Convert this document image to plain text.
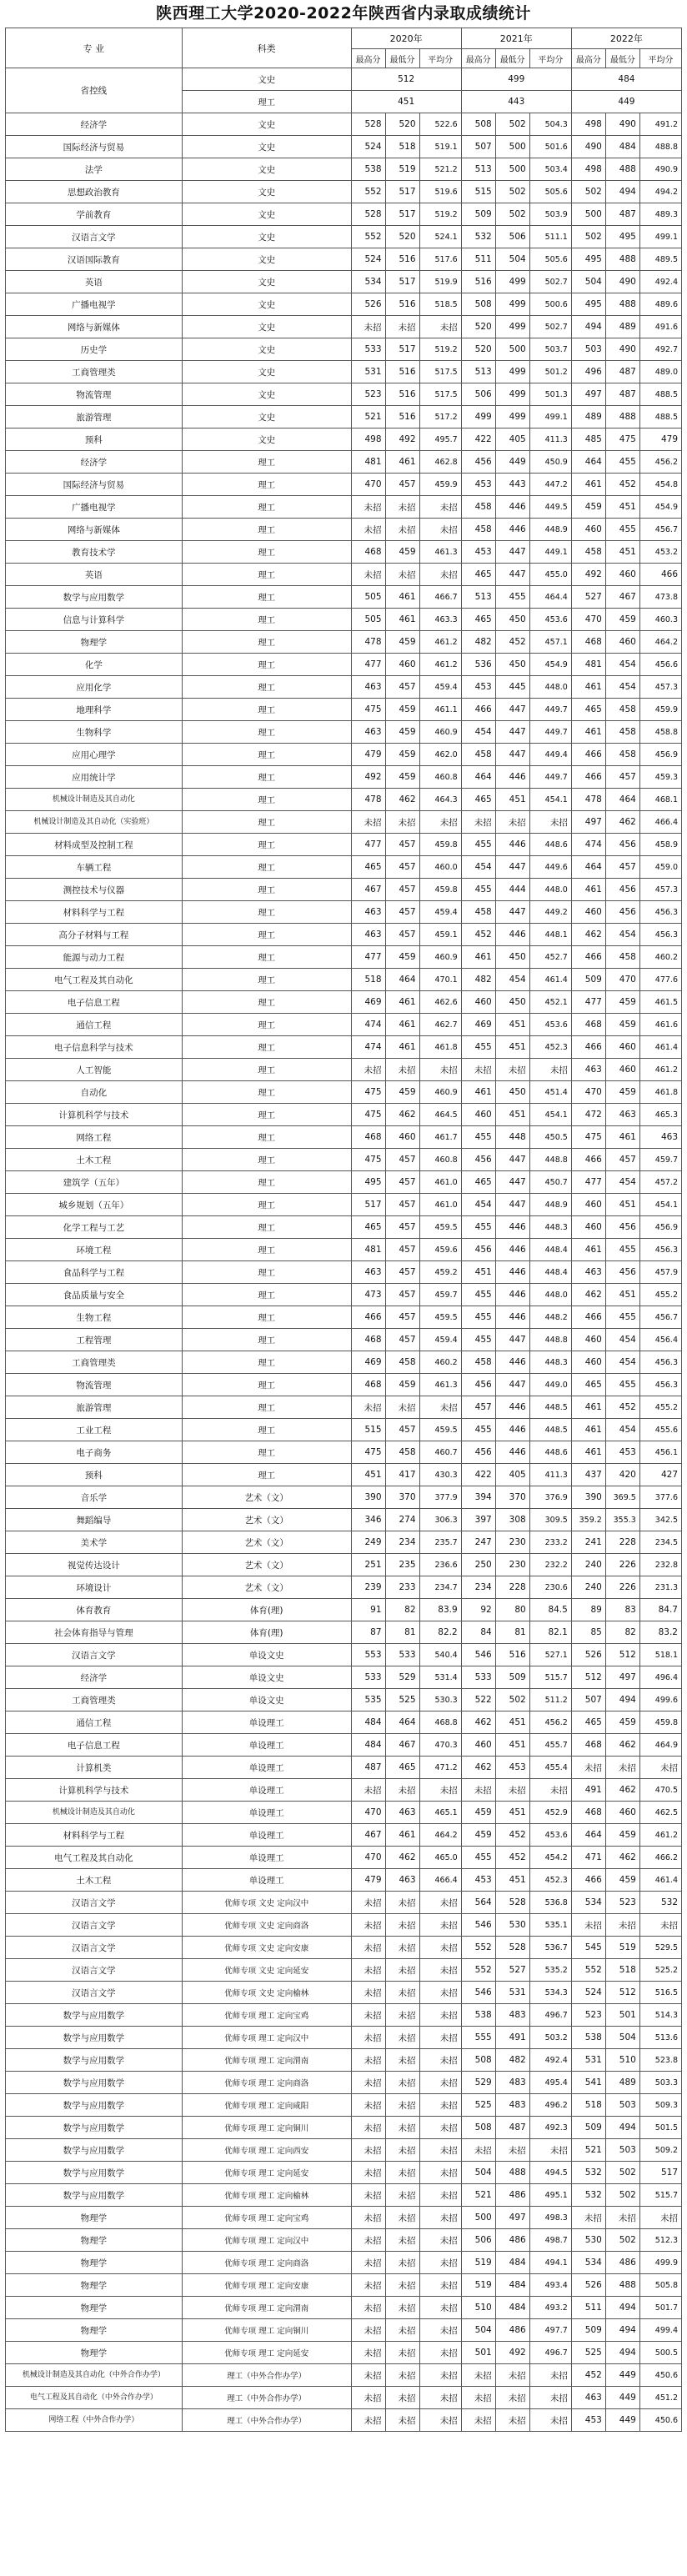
陕西理工大学2020-2022年陕西省内录取成绩统计
专 业	科类	2020年			2021年			2022年		
		最高分	最低分	平均分	最高分	最低分	平均分	最高分	最低分	平均分
省控线	文史	512			499			484		
	理工	451			443			449		
经济学	文史	528	520	522.6	508	502	504.3	498	490	491.2
国际经济与贸易	文史	524	518	519.1	507	500	501.6	490	484	488.8
法学	文史	538	519	521.2	513	500	503.4	498	488	490.9
思想政治教育	文史	552	517	519.6	515	502	505.6	502	494	494.2
学前教育	文史	528	517	519.2	509	502	503.9	500	487	489.3
汉语言文学	文史	552	520	524.1	532	506	511.1	502	495	499.1
汉语国际教育	文史	524	516	517.6	511	504	505.6	495	488	489.5
英语	文史	534	517	519.9	516	499	502.7	504	490	492.4
广播电视学	文史	526	516	518.5	508	499	500.6	495	488	489.6
网络与新媒体	文史	未招	未招	未招	520	499	502.7	494	489	491.6
历史学	文史	533	517	519.2	520	500	503.7	503	490	492.7
工商管理类	文史	531	516	517.5	513	499	501.2	496	487	489.0
物流管理	文史	523	516	517.5	506	499	501.3	497	487	488.5
旅游管理	文史	521	516	517.2	499	499	499.1	489	488	488.5
预科	文史	498	492	495.7	422	405	411.3	485	475	479
经济学	理工	481	461	462.8	456	449	450.9	464	455	456.2
国际经济与贸易	理工	470	457	459.9	453	443	447.2	461	452	454.8
广播电视学	理工	未招	未招	未招	458	446	449.5	459	451	454.9
网络与新媒体	理工	未招	未招	未招	458	446	448.9	460	455	456.7
教育技术学	理工	468	459	461.3	453	447	449.1	458	451	453.2
英语	理工	未招	未招	未招	465	447	455.0	492	460	466
数学与应用数学	理工	505	461	466.7	513	455	464.4	527	467	473.8
信息与计算科学	理工	505	461	463.3	465	450	453.6	470	459	460.3
物理学	理工	478	459	461.2	482	452	457.1	468	460	464.2
化学	理工	477	460	461.2	536	450	454.9	481	454	456.6
应用化学	理工	463	457	459.4	453	445	448.0	461	454	457.3
地理科学	理工	475	459	461.1	466	447	449.7	465	458	459.9
生物科学	理工	463	459	460.9	454	447	449.7	461	458	458.8
应用心理学	理工	479	459	462.0	458	447	449.4	466	458	456.9
应用统计学	理工	492	459	460.8	464	446	449.7	466	457	459.3
机械设计制造及其自动化	理工	478	462	464.3	465	451	454.1	478	464	468.1
机械设计制造及其自动化（实验班）	理工	未招	未招	未招	未招	未招	未招	497	462	466.4
材料成型及控制工程	理工	477	457	459.8	455	446	448.6	474	456	458.9
车辆工程	理工	465	457	460.0	454	447	449.6	464	457	459.0
测控技术与仪器	理工	467	457	459.8	455	444	448.0	461	456	457.3
材料科学与工程	理工	463	457	459.4	458	447	449.2	460	456	456.3
高分子材料与工程	理工	463	457	459.1	452	446	448.1	462	454	456.3
能源与动力工程	理工	477	459	460.9	461	450	452.7	466	458	460.2
电气工程及其自动化	理工	518	464	470.1	482	454	461.4	509	470	477.6
电子信息工程	理工	469	461	462.6	460	450	452.1	477	459	461.5
通信工程	理工	474	461	462.7	469	451	453.6	468	459	461.6
电子信息科学与技术	理工	474	461	461.8	455	451	452.3	466	460	461.4
人工智能	理工	未招	未招	未招	未招	未招	未招	463	460	461.2
自动化	理工	475	459	460.9	461	450	451.4	470	459	461.8
计算机科学与技术	理工	475	462	464.5	460	451	454.1	472	463	465.3
网络工程	理工	468	460	461.7	455	448	450.5	475	461	463
土木工程	理工	475	457	460.8	456	447	448.8	466	457	459.7
建筑学（五年）	理工	495	457	461.0	465	447	450.7	477	454	457.2
城乡规划（五年）	理工	517	457	461.0	454	447	448.9	460	451	454.1
化学工程与工艺	理工	465	457	459.5	455	446	448.3	460	456	456.9
环境工程	理工	481	457	459.6	456	446	448.4	461	455	456.3
食品科学与工程	理工	463	457	459.2	451	446	448.4	463	456	457.9
食品质量与安全	理工	473	457	459.7	455	446	448.0	462	451	455.2
生物工程	理工	466	457	459.5	455	446	448.2	466	455	456.7
工程管理	理工	468	457	459.4	455	447	448.8	460	454	456.4
工商管理类	理工	469	458	460.2	458	446	448.3	460	454	456.3
物流管理	理工	468	459	461.3	456	447	449.0	465	455	456.3
旅游管理	理工	未招	未招	未招	457	446	448.5	461	452	455.2
工业工程	理工	515	457	459.5	455	446	448.5	461	454	455.6
电子商务	理工	475	458	460.7	456	446	448.6	461	453	456.1
预科	理工	451	417	430.3	422	405	411.3	437	420	427
音乐学	艺术（文）	390	370	377.9	394	370	376.9	390	369.5	377.6
舞蹈编导	艺术（文）	346	274	306.3	397	308	309.5	359.2	355.3	342.5
美术学	艺术（文）	249	234	235.7	247	230	233.2	241	228	234.5
视觉传达设计	艺术（文）	251	235	236.6	250	230	232.2	240	226	232.8
环境设计	艺术（文）	239	233	234.7	234	228	230.6	240	226	231.3
体育教育	体育(理)	91	82	83.9	92	80	84.5	89	83	84.7
社会体育指导与管理	体育(理)	87	81	82.2	84	81	82.1	85	82	83.2
汉语言文学	单设文史	553	533	540.4	546	516	527.1	526	512	518.1
经济学	单设文史	533	529	531.4	533	509	515.7	512	497	496.4
工商管理类	单设文史	535	525	530.3	522	502	511.2	507	494	499.6
通信工程	单设理工	484	464	468.8	462	451	456.2	465	459	459.8
电子信息工程	单设理工	484	467	470.3	460	451	455.7	468	462	464.9
计算机类	单设理工	487	465	471.2	462	453	455.4	未招	未招	未招
计算机科学与技术	单设理工	未招	未招	未招	未招	未招	未招	491	462	470.5
机械设计制造及其自动化	单设理工	470	463	465.1	459	451	452.9	468	460	462.5
材料科学与工程	单设理工	467	461	464.2	459	452	453.6	464	459	461.2
电气工程及其自动化	单设理工	470	462	465.0	455	452	454.2	471	462	466.2
土木工程	单设理工	479	463	466.4	453	451	452.3	466	459	461.4
汉语言文学	优师专项 文史 定向汉中	未招	未招	未招	564	528	536.8	534	523	532
汉语言文学	优师专项 文史 定向商洛	未招	未招	未招	546	530	535.1	未招	未招	未招
汉语言文学	优师专项 文史 定向安康	未招	未招	未招	552	528	536.7	545	519	529.5
汉语言文学	优师专项 文史 定向延安	未招	未招	未招	552	527	535.2	552	518	525.2
汉语言文学	优师专项 文史 定向榆林	未招	未招	未招	546	531	534.3	524	512	516.5
数学与应用数学	优师专项 理工 定向宝鸡	未招	未招	未招	538	483	496.7	523	501	514.3
数学与应用数学	优师专项 理工 定向汉中	未招	未招	未招	555	491	503.2	538	504	513.6
数学与应用数学	优师专项 理工 定向渭南	未招	未招	未招	508	482	492.4	531	510	523.8
数学与应用数学	优师专项 理工 定向商洛	未招	未招	未招	529	483	495.4	541	489	503.3
数学与应用数学	优师专项 理工 定向咸阳	未招	未招	未招	525	483	496.2	518	503	509.3
数学与应用数学	优师专项 理工 定向铜川	未招	未招	未招	508	487	492.3	509	494	501.5
数学与应用数学	优师专项 理工 定向西安	未招	未招	未招	未招	未招	未招	521	503	509.2
数学与应用数学	优师专项 理工 定向延安	未招	未招	未招	504	488	494.5	532	502	517
数学与应用数学	优师专项 理工 定向榆林	未招	未招	未招	521	486	495.1	532	502	515.7
物理学	优师专项 理工 定向宝鸡	未招	未招	未招	500	497	498.3	未招	未招	未招
物理学	优师专项 理工 定向汉中	未招	未招	未招	506	486	498.7	530	502	512.3
物理学	优师专项 理工 定向商洛	未招	未招	未招	519	484	494.1	534	486	499.9
物理学	优师专项 理工 定向安康	未招	未招	未招	519	484	493.4	526	488	505.8
物理学	优师专项 理工 定向渭南	未招	未招	未招	510	484	493.2	511	494	501.7
物理学	优师专项 理工 定向铜川	未招	未招	未招	504	486	497.7	509	494	499.4
物理学	优师专项 理工 定向延安	未招	未招	未招	501	492	496.7	525	494	500.5
机械设计制造及其自动化（中外合作办学）	理工（中外合作办学）	未招	未招	未招	未招	未招	未招	452	449	450.6
电气工程及其自动化（中外合作办学）	理工（中外合作办学）	未招	未招	未招	未招	未招	未招	463	449	451.2
网络工程（中外合作办学）	理工（中外合作办学）	未招	未招	未招	未招	未招	未招	453	449	450.6
